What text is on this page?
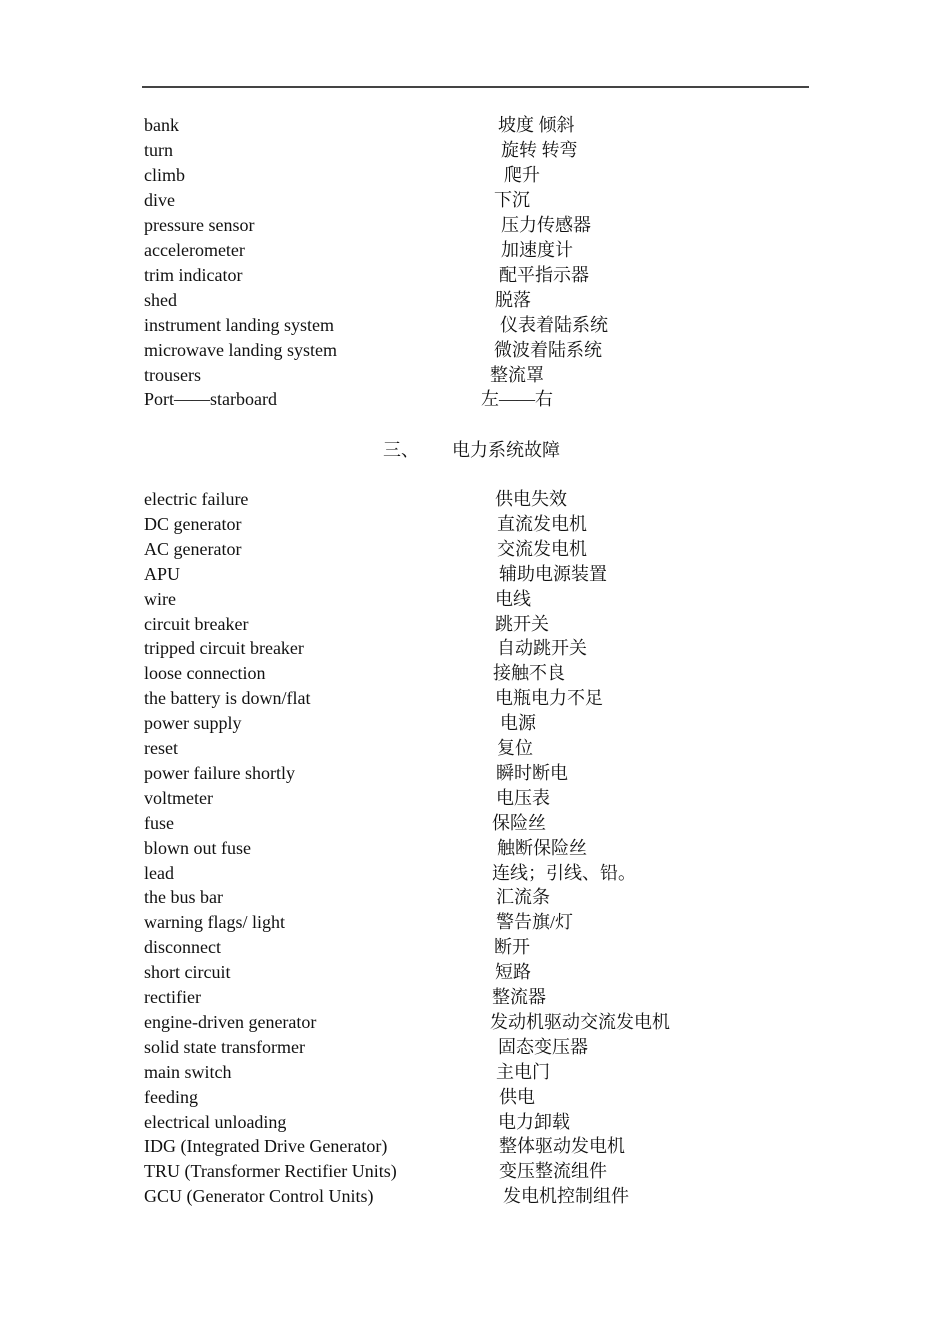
bank	坡度 倾斜
turn	旋转 转弯
climb	爬升
dive	下沉
pressure sensor	压力传感器
accelerometer	加速度计
trim indicator	配平指示器
shed	脱落
instrument landing system	仪表着陆系统
microwave landing system	微波着陆系统
trousers	整流罩
Port——starboard	左——右
三、 电力系统故障
electric failure	供电失效
DC generator	直流发电机
AC generator	交流发电机
APU	辅助电源装置
wire	电线
circuit breaker	跳开关
tripped circuit breaker	自动跳开关
loose connection	接触不良
the battery is down/flat	电瓶电力不足
power supply	电源
reset	复位
power failure shortly	瞬时断电
voltmeter	电压表
fuse	保险丝
blown out fuse	触断保险丝
lead	连线；引线、铅。
the bus bar	汇流条
warning flags/ light	警告旗/灯
disconnect	断开
short circuit	短路
rectifier	整流器
engine-driven generator	发动机驱动交流发电机
solid state transformer	固态变压器
main switch	主电门
feeding	供电
electrical unloading	电力卸载
IDG (Integrated Drive Generator)	整体驱动发电机
TRU (Transformer Rectifier Units)	变压整流组件
GCU (Generator Control Units)	发电机控制组件
